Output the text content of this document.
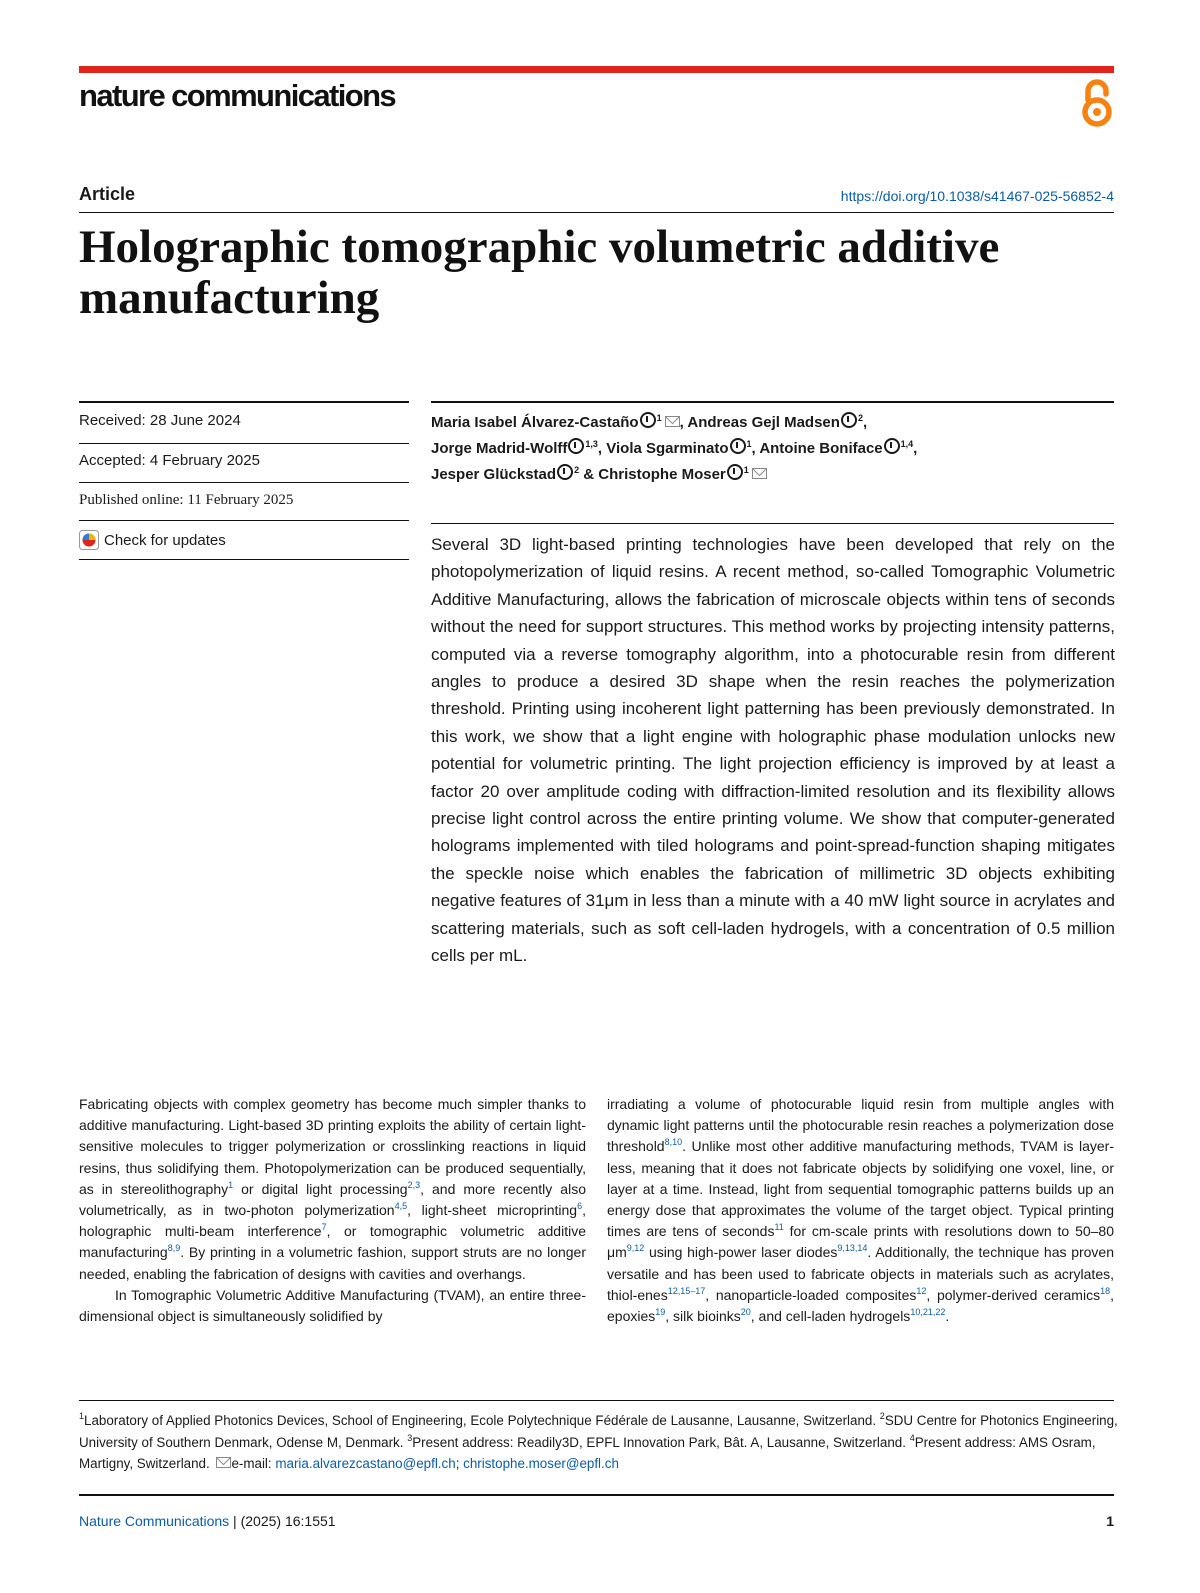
nature communications
Article	https://doi.org/10.1038/s41467-025-56852-4
Holographic tomographic volumetric additive manufacturing
Received: 28 June 2024
Accepted: 4 February 2025
Published online: 11 February 2025
Check for updates
Maria Isabel Álvarez-Castaño $^1$ , Andreas Gejl Madsen $^2$,
Jorge Madrid-Wolff $^{1,3}$, Viola Sgarminato $^1$, Antoine Boniface $^{1,4}$,
Jesper Glückstad $^2$ & Christophe Moser $^1$

Several 3D light-based printing technologies have been developed that rely on the photopolymerization of liquid resins. A recent method, so-called Tomographic Volumetric Additive Manufacturing, allows the fabrication of microscale objects within tens of seconds without the need for support structures. This method works by projecting intensity patterns, computed via a reverse tomography algorithm, into a photocurable resin from different angles to produce a desired 3D shape when the resin reaches the polymerization threshold. Printing using incoherent light patterning has been previously demonstrated. In this work, we show that a light engine with holographic phase modulation unlocks new potential for volumetric printing. The light projection efficiency is improved by at least a factor 20 over amplitude coding with diffraction-limited resolution and its flexibility allows precise light control across the entire printing volume. We show that computer-generated holograms implemented with tiled holograms and point-spread-function shaping mitigates the speckle noise which enables the fabrication of millimetric 3D objects exhibiting negative features of 31μm in less than a minute with a 40 mW light source in acrylates and scattering materials, such as soft cell-laden hydrogels, with a concentration of 0.5 million cells per mL.

Fabricating objects with complex geometry has become much simpler thanks to additive manufacturing. Light-based 3D printing exploits the ability of certain light-sensitive molecules to trigger polymerization or crosslinking reactions in liquid resins, thus solidifying them. Photopolymerization can be produced sequentially, as in stereolithography$^1$ or digital light processing$^{2,3}$, and more recently also volumetrically, as in two-photon polymerization$^{4,5}$, light-sheet microprinting$^6$, holographic multi-beam interference$^7$, or tomographic volumetric additive manufacturing$^{8,9}$. By printing in a volumetric fashion, support struts are no longer needed, enabling the fabrication of designs with cavities and overhangs.

In Tomographic Volumetric Additive Manufacturing (TVAM), an entire three-dimensional object is simultaneously solidified by

irradiating a volume of photocurable liquid resin from multiple angles with dynamic light patterns until the photocurable resin reaches a polymerization dose threshold$^{8,10}$. Unlike most other additive manufacturing methods, TVAM is layer-less, meaning that it does not fabricate objects by solidifying one voxel, line, or layer at a time. Instead, light from sequential tomographic patterns builds up an energy dose that approximates the volume of the target object. Typical printing times are tens of seconds$^{11}$ for cm-scale prints with resolutions down to 50–80 μm$^{9,12}$ using high-power laser diodes$^{9,13,14}$. Additionally, the technique has proven versatile and has been used to fabricate objects in materials such as acrylates, thiol-enes$^{12,15-17}$, nanoparticle-loaded composites$^{12}$, polymer-derived ceramics$^{18}$, epoxies$^{19}$, silk bioinks$^{20}$, and cell-laden hydrogels$^{10,21,22}$.

$^1$Laboratory of Applied Photonics Devices, School of Engineering, Ecole Polytechnique Fédérale de Lausanne, Lausanne, Switzerland. $^2$SDU Centre for Photonics Engineering, University of Southern Denmark, Odense M, Denmark. $^3$Present address: Readily3D, EPFL Innovation Park, Bât. A, Lausanne, Switzerland. $^4$Present address: AMS Osram, Martigny, Switzerland. e-mail: maria.alvarezcastano@epfl.ch; christophe.moser@epfl.ch

Nature Communications | (2025) 16:1551	1
